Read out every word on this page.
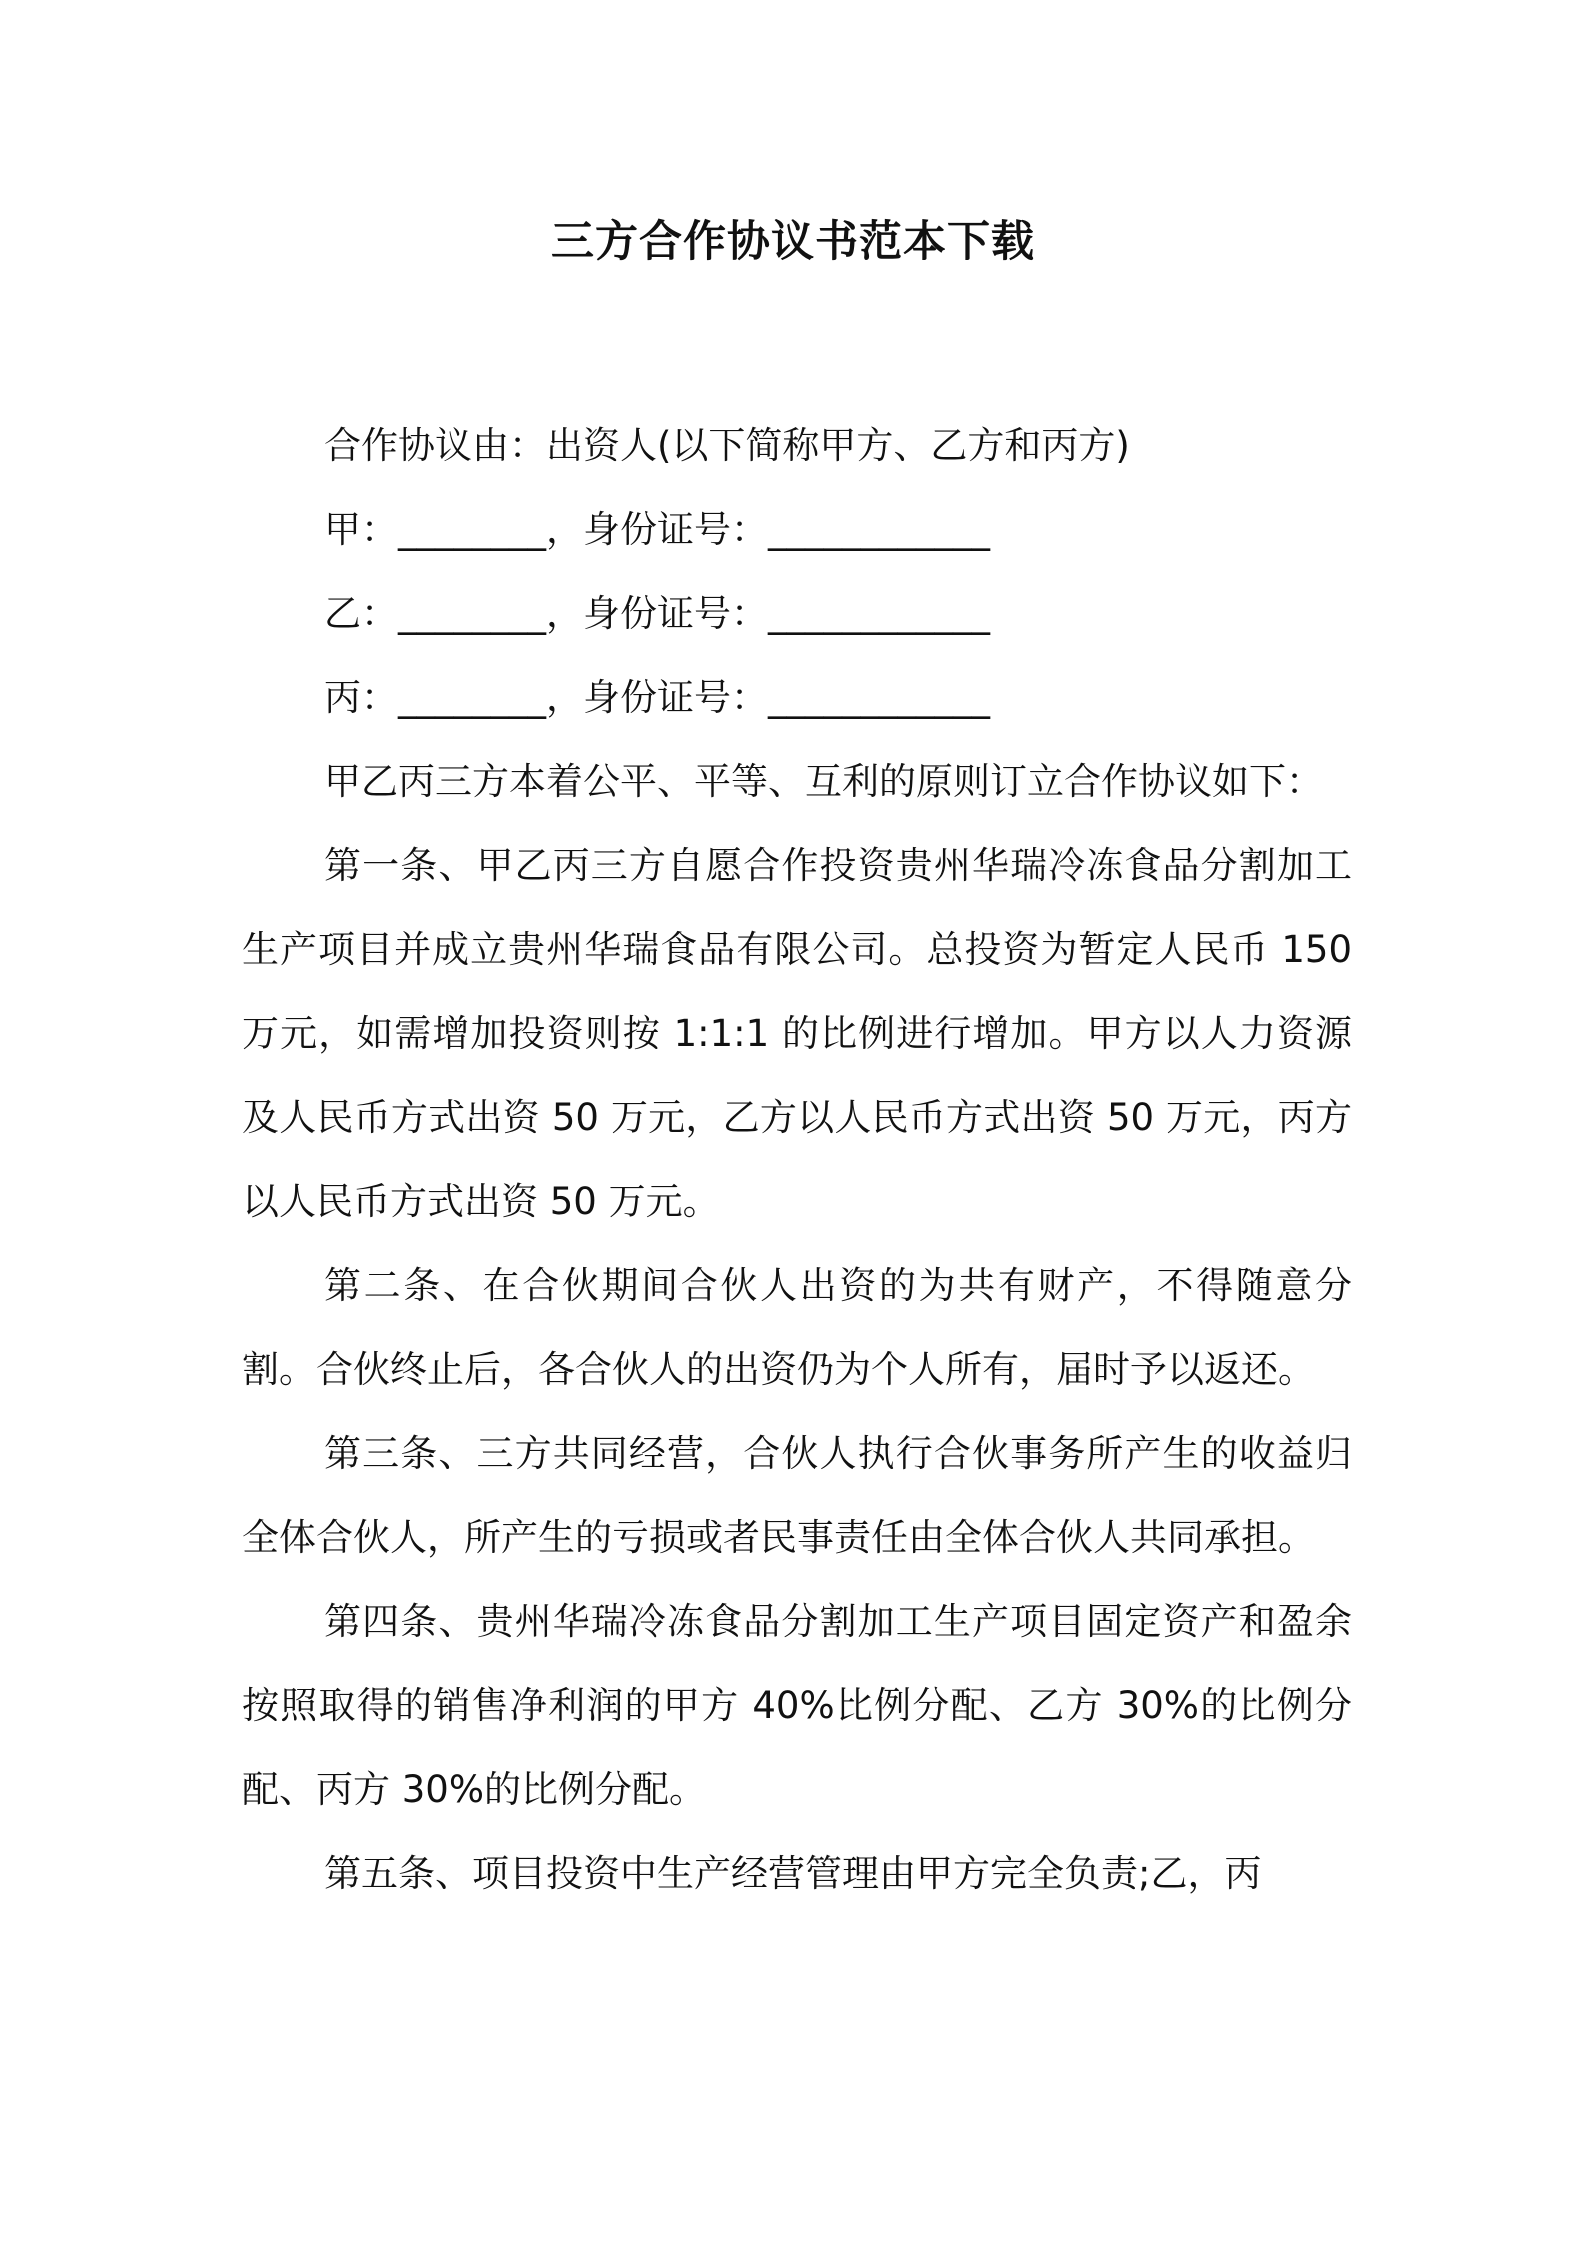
三方合作协议书范本下载

合作协议由：出资人(以下简称甲方、乙方和丙方)

甲：________，身份证号：____________

乙：________，身份证号：____________

丙：________，身份证号：____________

甲乙丙三方本着公平、平等、互利的原则订立合作协议如下：

第一条、甲乙丙三方自愿合作投资贵州华瑞冷冻食品分割加工生产项目并成立贵州华瑞食品有限公司。总投资为暂定人民币 150 万元，如需增加投资则按 1:1:1 的比例进行增加。甲方以人力资源及人民币方式出资 50 万元，乙方以人民币方式出资 50 万元，丙方以人民币方式出资 50 万元。

第二条、在合伙期间合伙人出资的为共有财产，不得随意分割。合伙终止后，各合伙人的出资仍为个人所有，届时予以返还。

第三条、三方共同经营，合伙人执行合伙事务所产生的收益归全体合伙人，所产生的亏损或者民事责任由全体合伙人共同承担。

第四条、贵州华瑞冷冻食品分割加工生产项目固定资产和盈余按照取得的销售净利润的甲方 40%比例分配、乙方 30%的比例分配、丙方 30%的比例分配。

第五条、项目投资中生产经营管理由甲方完全负责;乙，丙
